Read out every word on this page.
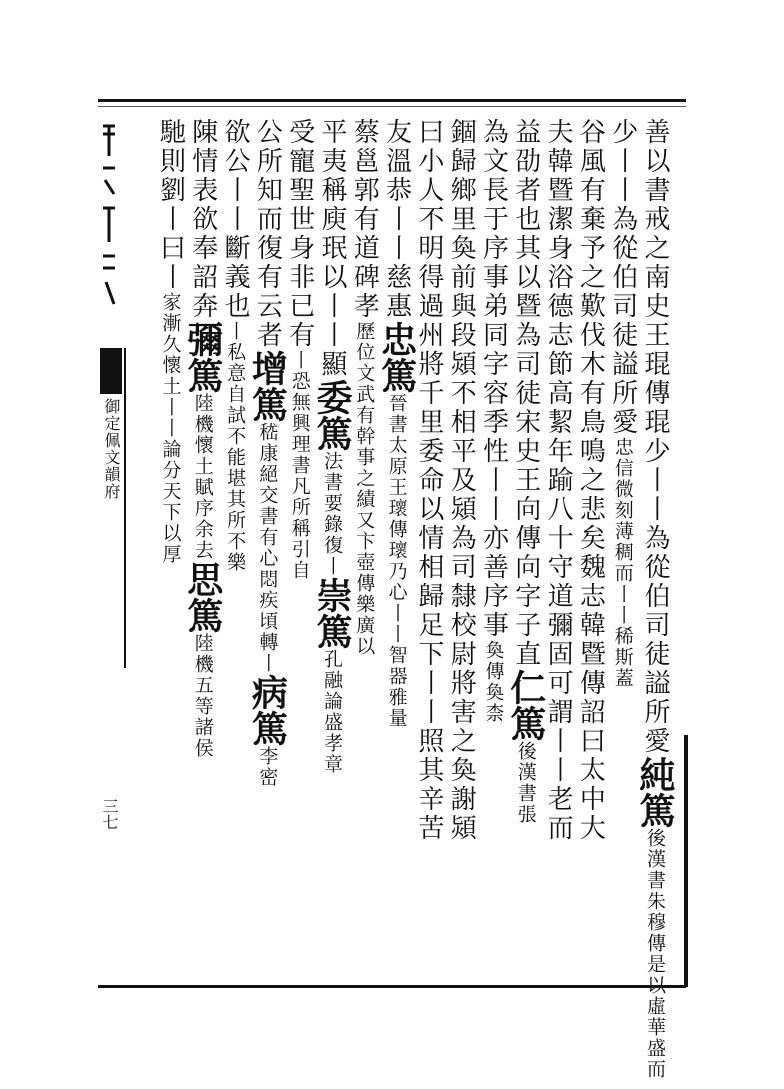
御定佩文韻府
三七
善以書戒之南史王琨傳琨少丨丨為從伯司徒謚所愛純篤後漢書朱穆傳是以虛華盛而
少丨丨為從伯司徒謚所愛忠信微刻薄稠而丨丨稀斯蓋
谷風有棄予之歎伐木有鳥鳴之悲矣魏志韓暨傳詔曰太中大
夫韓暨潔身浴德志節高絜年踰八十守道彌固可謂丨丨老而
益劭者也其以暨為司徒宋史王向傳向字子直仁篤後漢書張
為文長于序事弟同字容季性丨丨亦善序事奐傳奐柰
錮歸鄉里奐前與段熲不相平及熲為司隸校尉將害之奐謝熲
曰小人不明得過州將千里委命以情相歸足下丨丨照其辛苦
友溫恭丨丨慈惠忠篤晉書太原王瓌傳瓌乃心丨丨智器雅量
蔡邕郭有道碑孝歷位文武有幹事之績又卞壺傳樂廣以
平夷稱庾珉以丨丨顯委篤法書要錄復丨崇篤孔融論盛孝章
受寵聖世身非已有丨恐無興理書凡所稱引自
公所知而復有云者增篤嵇康絕交書有心悶疾頃轉丨病篤李密
欲公丨丨斷義也丨私意自試不能堪其所不樂
陳情表欲奉詔奔彌篤陸機懷土賦序余去思篤陸機五等諸侯
馳則劉丨曰丨家漸久懷土丨丨論分天下以厚
